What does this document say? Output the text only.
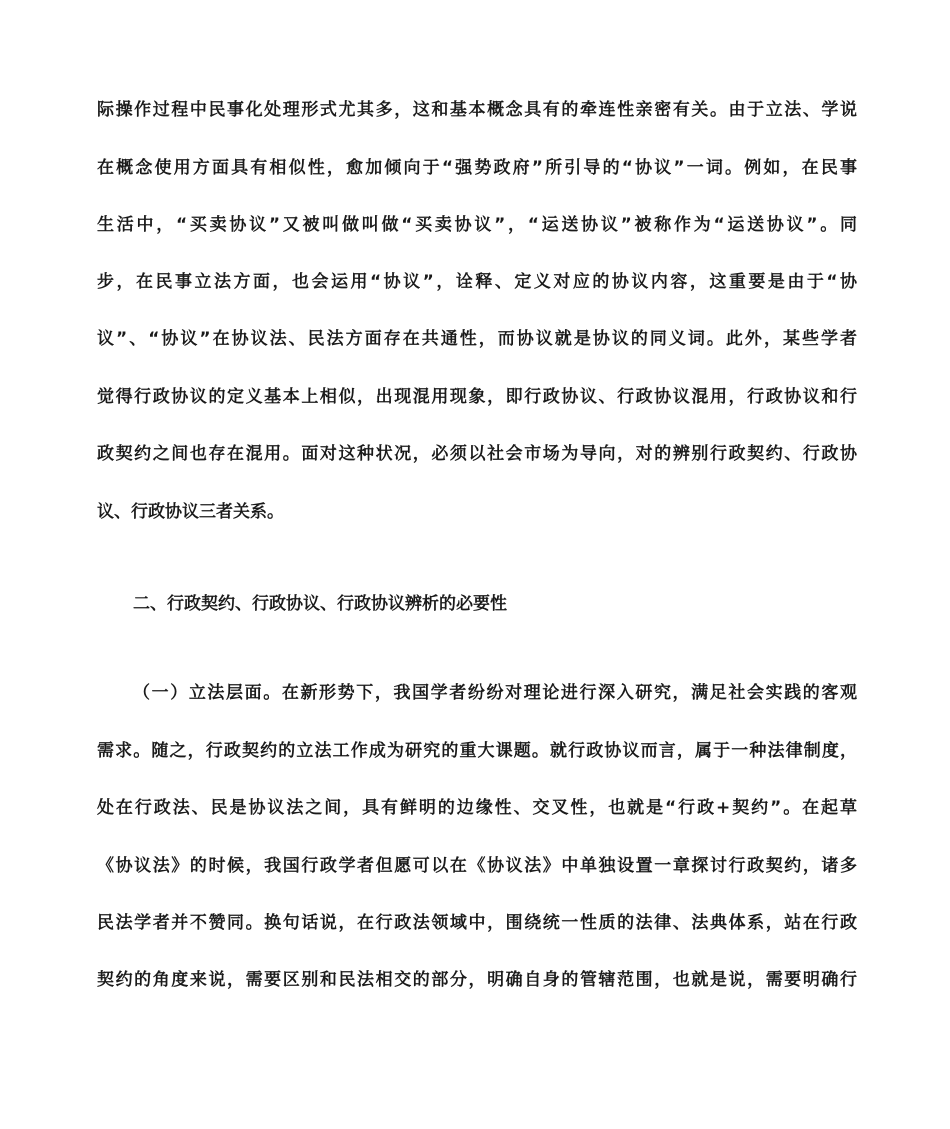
际操作过程中民事化处理形式尤其多，这和基本概念具有的牵连性亲密有关。由于立法、学说
在概念使用方面具有相似性，愈加倾向于“强势政府”所引导的“协议”一词。例如，在民事
生活中，“买卖协议”又被叫做叫做“买卖协议”，“运送协议”被称作为“运送协议”。同
步，在民事立法方面，也会运用“协议”，诠释、定义对应的协议内容，这重要是由于“协
议”、“协议”在协议法、民法方面存在共通性，而协议就是协议的同义词。此外，某些学者
觉得行政协议的定义基本上相似，出现混用现象，即行政协议、行政协议混用，行政协议和行
政契约之间也存在混用。面对这种状况，必须以社会市场为导向，对的辨别行政契约、行政协
议、行政协议三者关系。
二、行政契约、行政协议、行政协议辨析的必要性
（一）立法层面。在新形势下，我国学者纷纷对理论进行深入研究，满足社会实践的客观
需求。随之，行政契约的立法工作成为研究的重大课题。就行政协议而言，属于一种法律制度，
处在行政法、民是协议法之间，具有鲜明的边缘性、交叉性，也就是“行政+契约”。在起草
《协议法》的时候，我国行政学者但愿可以在《协议法》中单独设置一章探讨行政契约，诸多
民法学者并不赞同。换句话说，在行政法领域中，围绕统一性质的法律、法典体系，站在行政
契约的角度来说，需要区别和民法相交的部分，明确自身的管辖范围，也就是说，需要明确行
